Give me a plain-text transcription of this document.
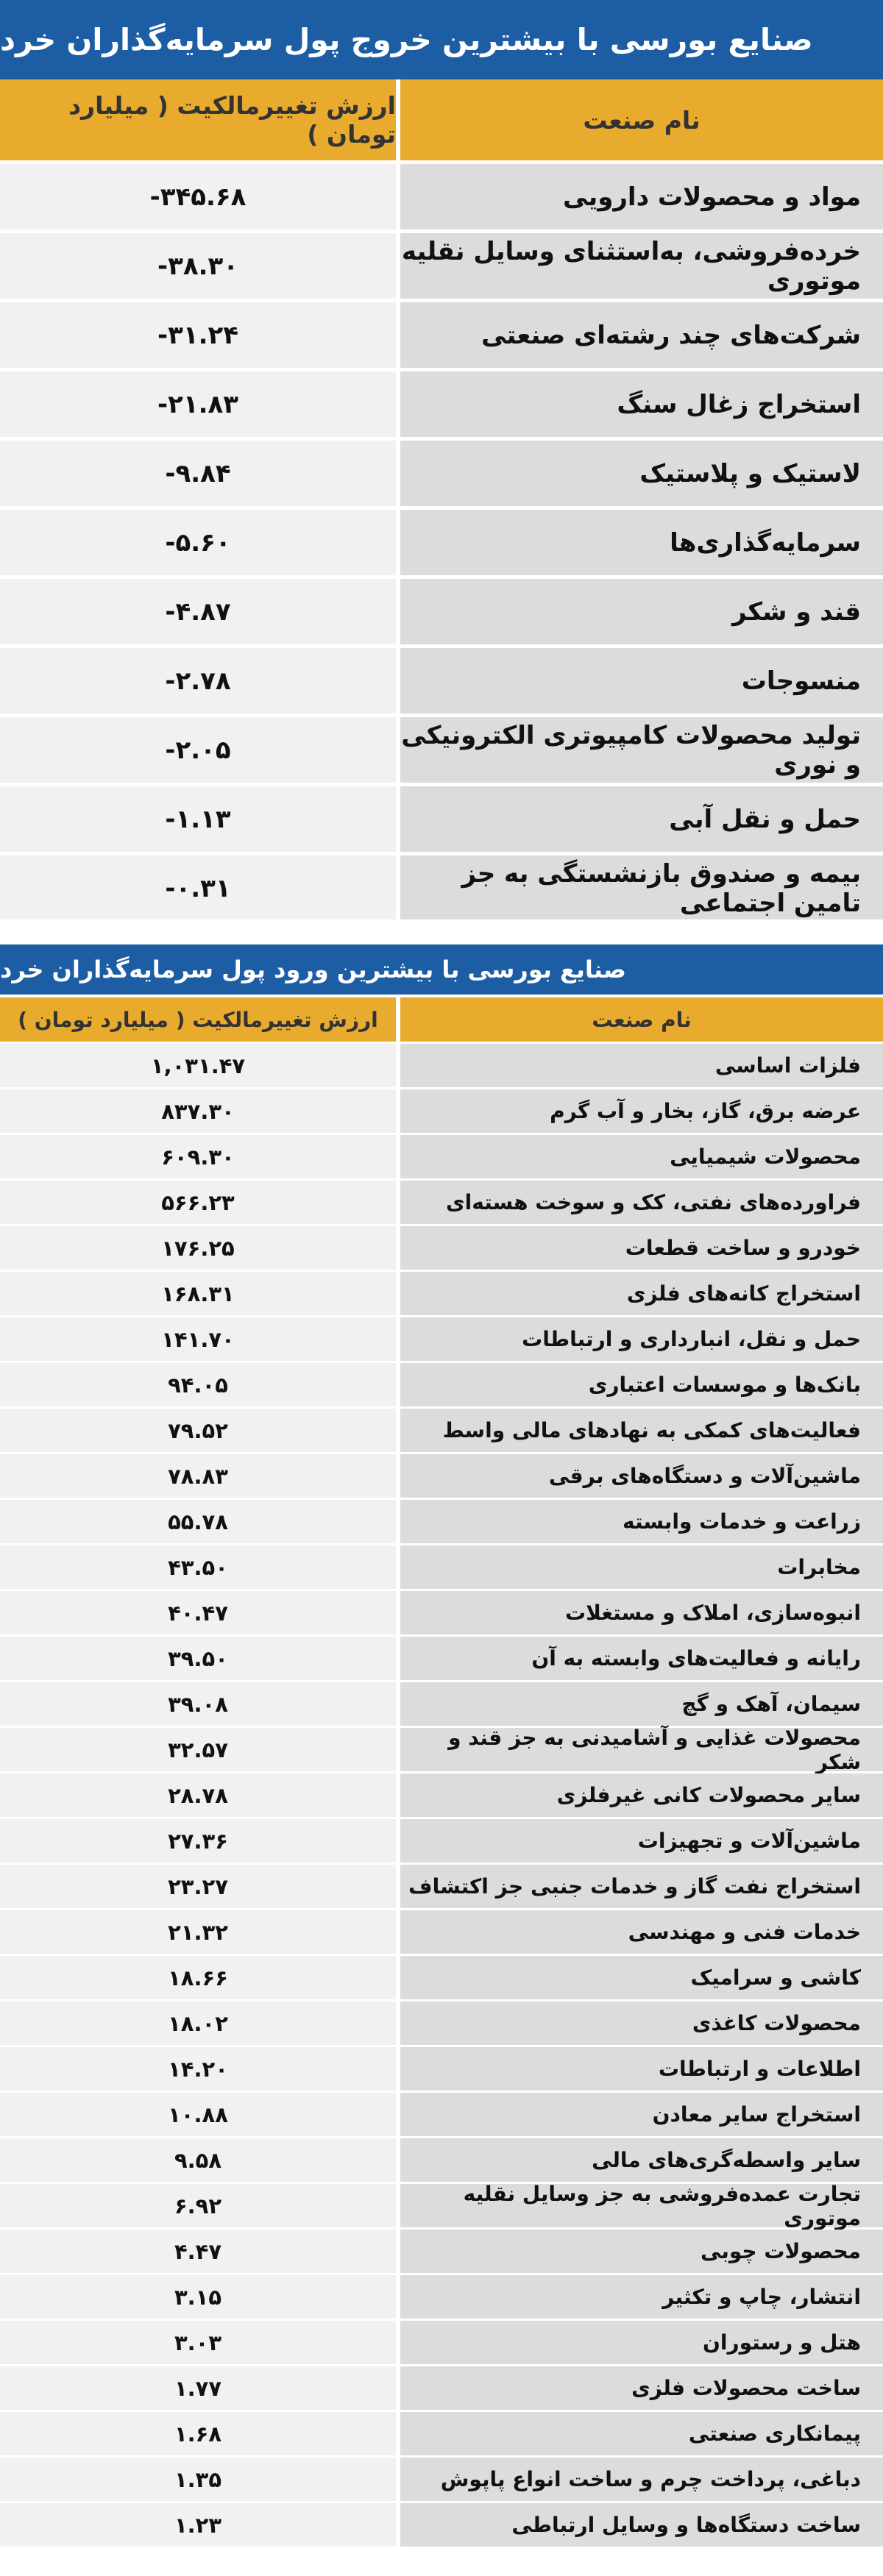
صنایع بورسی با بیشترین خروج پول سرمایه‌گذاران خرد
ارزش تغییرمالکیت ( میلیارد تومان )	نام صنعت
-۳۴۵.۶۸	مواد و محصولات دارویی
-۳۸.۳۰	خرده‌فروشی، به‌استثنای وسایل نقلیه موتوری
-۳۱.۲۴	شرکت‌های چند رشته‌ای صنعتی
-۲۱.۸۳	استخراج زغال سنگ
-۹.۸۴	لاستیک و پلاستیک
-۵.۶۰	سرمایه‌گذاری‌ها
-۴.۸۷	قند و شکر
-۲.۷۸	منسوجات
-۲.۰۵	تولید محصولات کامپیوتری الکترونیکی و نوری
-۱.۱۳	حمل و نقل آبی
-۰.۳۱	بیمه و صندوق بازنشستگی به جز تامین اجتماعی
صنایع بورسی با بیشترین ورود پول سرمایه‌گذاران خرد
ارزش تغییرمالکیت ( میلیارد تومان )	نام صنعت
۱,۰۳۱.۴۷	فلزات اساسی
۸۳۷.۳۰	عرضه برق، گاز، بخار و آب گرم
۶۰۹.۳۰	محصولات شیمیایی
۵۶۶.۲۳	فراورده‌های نفتی، کک و سوخت هسته‌ای
۱۷۶.۲۵	خودرو و ساخت قطعات
۱۶۸.۳۱	استخراج کانه‌های فلزی
۱۴۱.۷۰	حمل و نقل، انبارداری و ارتباطات
۹۴.۰۵	بانک‌ها و موسسات اعتباری
۷۹.۵۲	فعالیت‌های کمکی به نهادهای مالی واسط
۷۸.۸۳	ماشین‌آلات و دستگاه‌های برقی
۵۵.۷۸	زراعت و خدمات وابسته
۴۳.۵۰	مخابرات
۴۰.۴۷	انبوه‌سازی، املاک و مستغلات
۳۹.۵۰	رایانه و فعالیت‌های وابسته به آن
۳۹.۰۸	سیمان، آهک و گچ
۳۲.۵۷	محصولات غذایی و آشامیدنی به جز قند و شکر
۲۸.۷۸	سایر محصولات کانی غیرفلزی
۲۷.۳۶	ماشین‌آلات و تجهیزات
۲۳.۲۷	استخراج نفت گاز و خدمات جنبی جز اکتشاف
۲۱.۳۲	خدمات فنی و مهندسی
۱۸.۶۶	کاشی و سرامیک
۱۸.۰۲	محصولات کاغذی
۱۴.۲۰	اطلاعات و ارتباطات
۱۰.۸۸	استخراج سایر معادن
۹.۵۸	سایر واسطه‌گری‌های مالی
۶.۹۲	تجارت عمده‌فروشی به جز وسایل نقلیه موتوری
۴.۴۷	محصولات چوبی
۳.۱۵	انتشار، چاپ و تکثیر
۳.۰۳	هتل و رستوران
۱.۷۷	ساخت محصولات فلزی
۱.۶۸	پیمانکاری صنعتی
۱.۳۵	دباغی، پرداخت چرم و ساخت انواع پاپوش
۱.۲۳	ساخت دستگاه‌ها و وسایل ارتباطی
